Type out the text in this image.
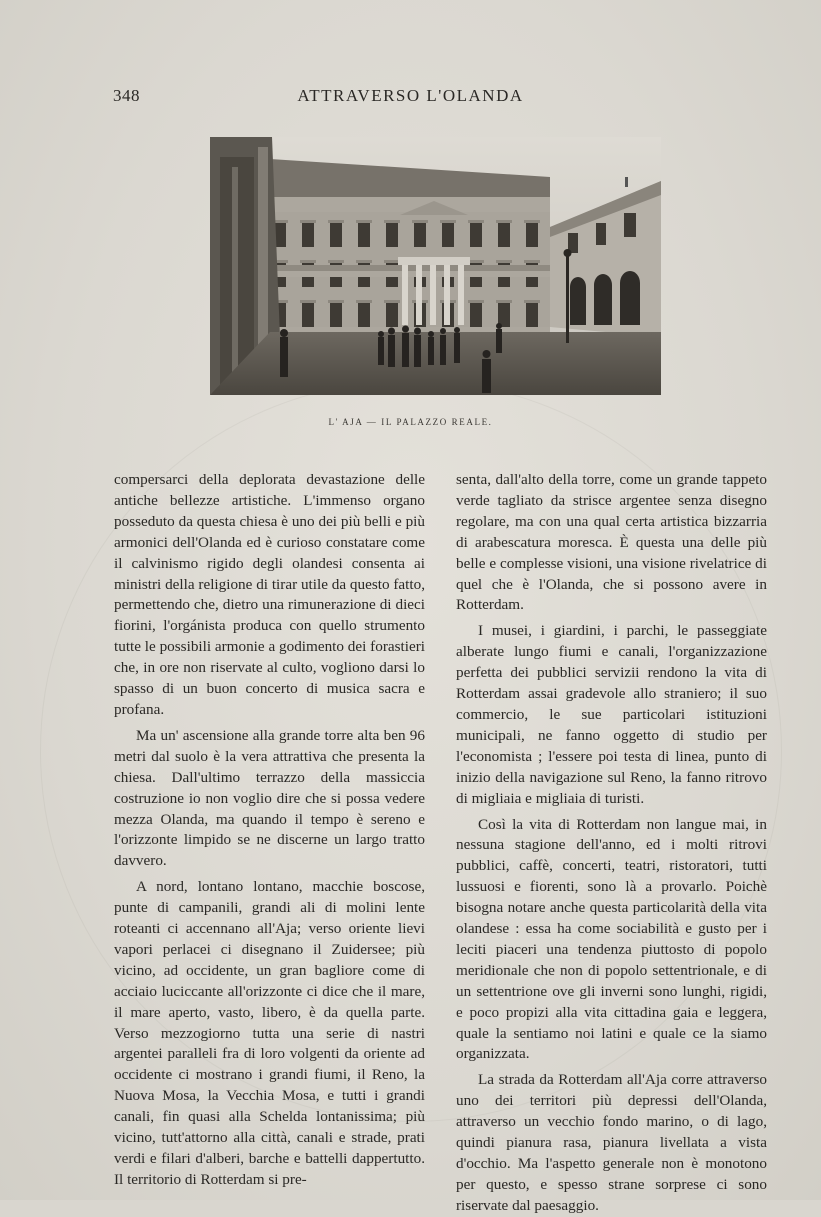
348	ATTRAVERSO L'OLANDA
L' AJA — IL PALAZZO REALE.

compersarci della deplorata devastazione delle antiche bellezze artistiche. L'immenso organo posseduto da questa chiesa è uno dei più belli e più armonici dell'Olanda ed è curioso constatare come il calvinismo rigido degli olandesi consenta ai ministri della religione di tirar utile da questo fatto, permettendo che, dietro una rimunerazione di dieci fiorini, l'orgánista produca con quello strumento tutte le possibili armonie a godimento dei forastieri che, in ore non riservate al culto, vogliono darsi lo spasso di un buon concerto di musica sacra e profana.

Ma un' ascensione alla grande torre alta ben 96 metri dal suolo è la vera attrattiva che presenta la chiesa. Dall'ultimo terrazzo della massiccia costruzione io non voglio dire che si possa vedere mezza Olanda, ma quando il tempo è sereno e l'orizzonte limpido se ne discerne un largo tratto davvero.

A nord, lontano lontano, macchie boscose, punte di campanili, grandi ali di molini lente roteanti ci accennano all'Aja; verso oriente lievi vapori perlacei ci disegnano il Zuidersee; più vicino, ad occidente, un gran bagliore come di acciaio luciccante all'orizzonte ci dice che il mare, il mare aperto, vasto, libero, è da quella parte. Verso mezzogiorno tutta una serie di nastri argentei paralleli fra di loro volgenti da oriente ad occidente ci mostrano i grandi fiumi, il Reno, la Nuova Mosa, la Vecchia Mosa, e tutti i grandi canali, fin quasi alla Schelda lontanissima; più vicino, tutt'attorno alla città, canali e strade, prati verdi e filari d'alberi, barche e battelli dappertutto. Il territorio di Rotterdam si pre-

senta, dall'alto della torre, come un grande tappeto verde tagliato da strisce argentee senza disegno regolare, ma con una qual certa artistica bizzarria di arabescatura moresca. È questa una delle più belle e complesse visioni, una visione rivelatrice di quel che è l'Olanda, che si possono avere in Rotterdam.

I musei, i giardini, i parchi, le passeggiate alberate lungo fiumi e canali, l'organizzazione perfetta dei pubblici servizii rendono la vita di Rotterdam assai gradevole allo straniero; il suo commercio, le sue particolari istituzioni municipali, ne fanno oggetto di studio per l'economista ; l'essere poi testa di linea, punto di inizio della navigazione sul Reno, la fanno ritrovo di migliaia e migliaia di turisti.

Così la vita di Rotterdam non langue mai, in nessuna stagione dell'anno, ed i molti ritrovi pubblici, caffè, concerti, teatri, ristoratori, tutti lussuosi e fiorenti, sono là a provarlo. Poichè bisogna notare anche questa particolarità della vita olandese : essa ha come sociabilità e gusto per i leciti piaceri una tendenza piuttosto di popolo meridionale che non di popolo settentrionale, e di un settentrione ove gli inverni sono lunghi, rigidi, e poco propizi alla vita cittadina gaia e leggera, quale la sentiamo noi latini e quale ce la siamo organizzata.

La strada da Rotterdam all'Aja corre attraverso uno dei territori più depressi dell'Olanda, attraverso un vecchio fondo marino, o di lago, quindi pianura rasa, pianura livellata a vista d'occhio. Ma l'aspetto generale non è monotono per questo, e spesso strane sorprese ci sono riservate dal paesaggio.
